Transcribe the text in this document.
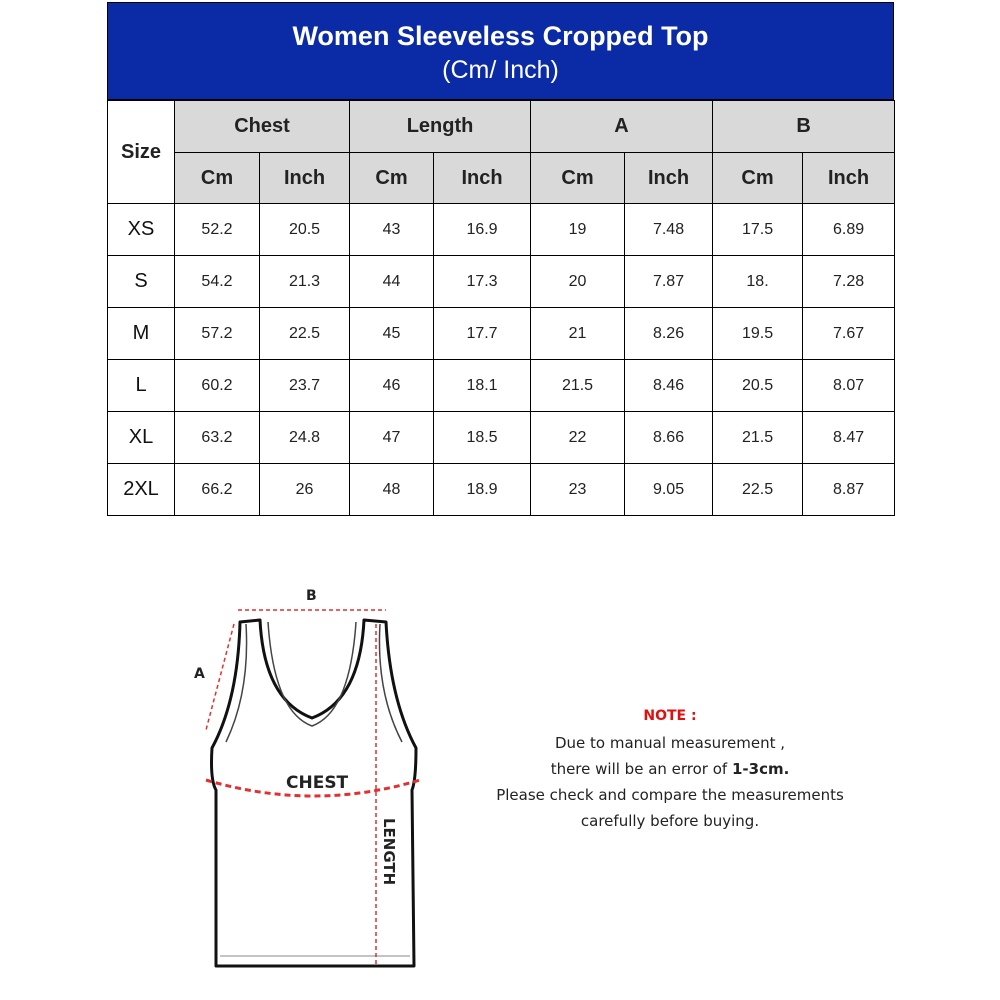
Women Sleeveless Cropped Top
(Cm/ Inch)
Size	Chest		Length		A		B	
	Cm	Inch	Cm	Inch	Cm	Inch	Cm	Inch
XS	52.2	20.5	43	16.9	19	7.48	17.5	6.89
S	54.2	21.3	44	17.3	20	7.87	18.	7.28
M	57.2	22.5	45	17.7	21	8.26	19.5	7.67
L	60.2	23.7	46	18.1	21.5	8.46	20.5	8.07
XL	63.2	24.8	47	18.5	22	8.66	21.5	8.47
2XL	66.2	26	48	18.9	23	9.05	22.5	8.87
B
A
CHEST
LENGTH
NOTE :
Due to manual measurement ,
there will be an error of 1-3cm.
Please check and compare the measurements
carefully before buying.
